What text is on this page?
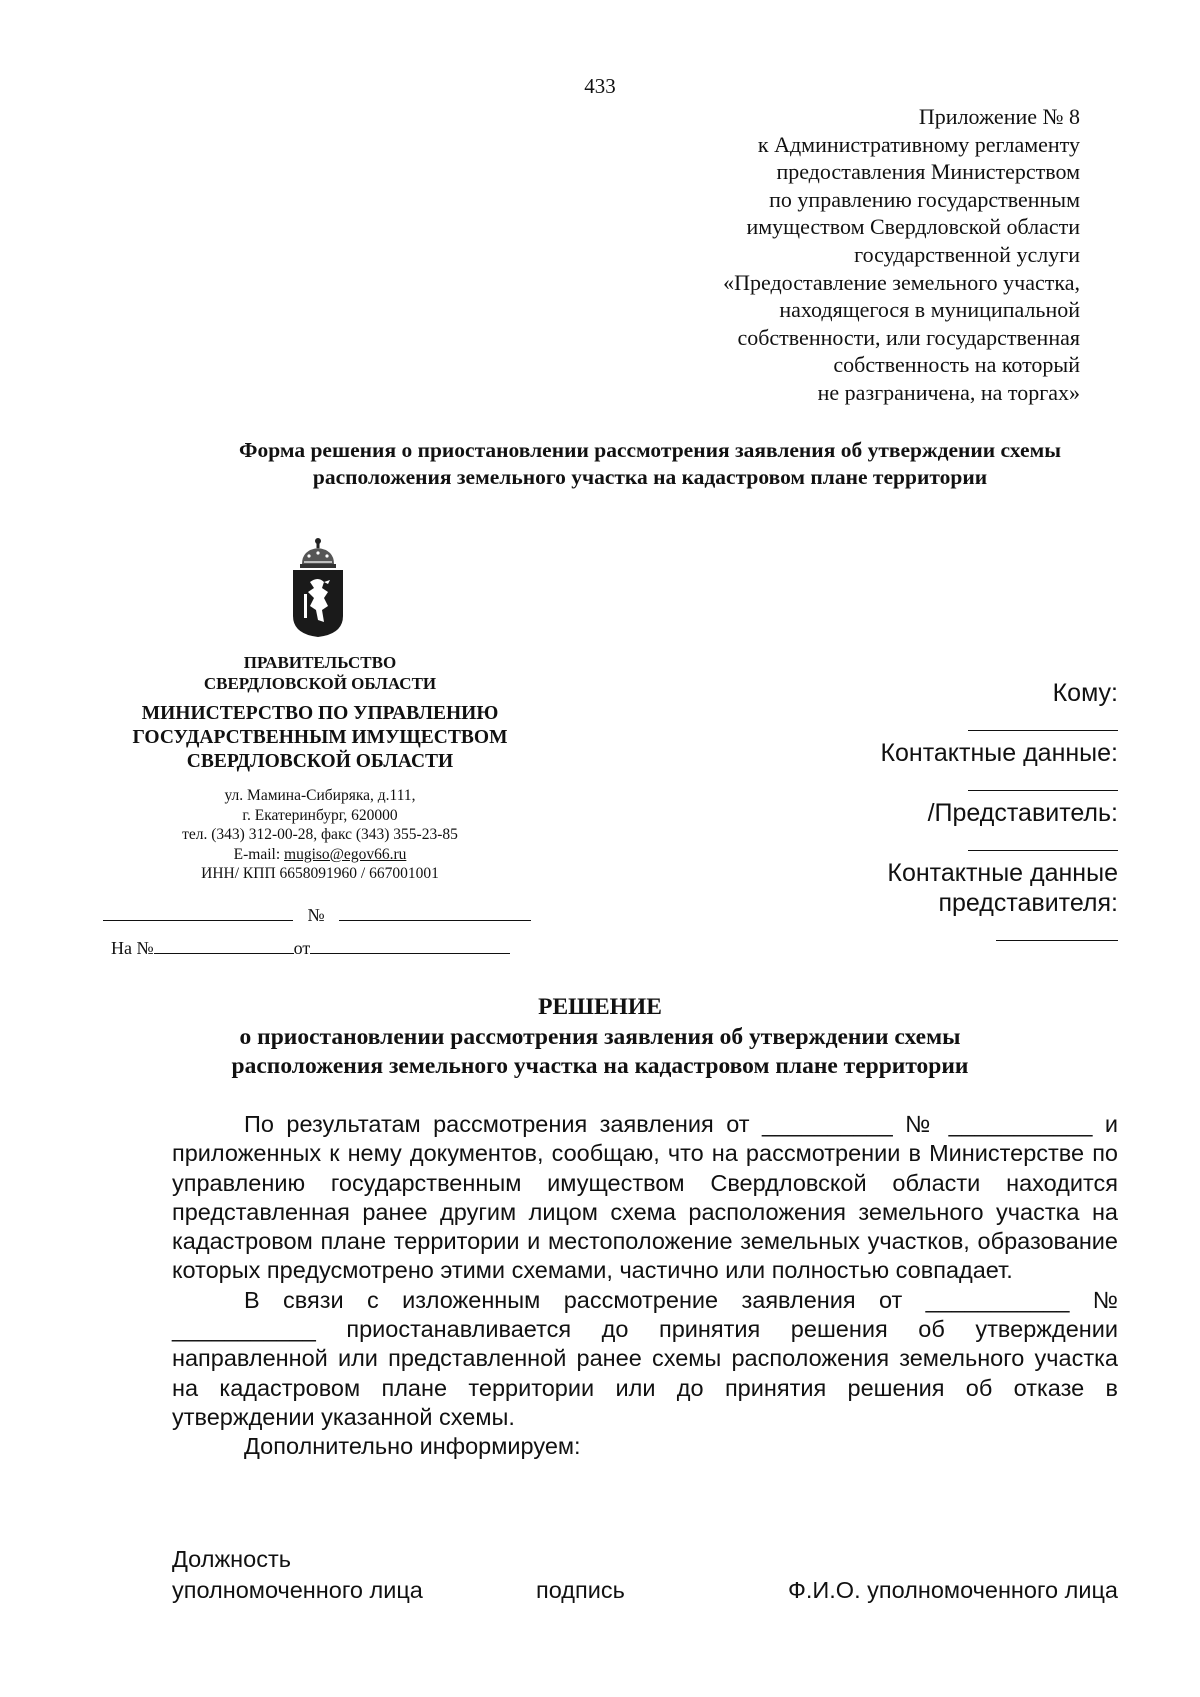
433
Приложение № 8
к Административному регламенту
предоставления Министерством
по управлению государственным
имуществом Свердловской области
государственной услуги
«Предоставление земельного участка,
находящегося в муниципальной
собственности, или государственная
собственность на который
не разграничена, на торгах»
Форма решения о приостановлении рассмотрения заявления об утверждении схемы
расположения земельного участка на кадастровом плане территории
ПРАВИТЕЛЬСТВО
СВЕРДЛОВСКОЙ ОБЛАСТИ
МИНИСТЕРСТВО ПО УПРАВЛЕНИЮ
ГОСУДАРСТВЕННЫМ ИМУЩЕСТВОМ
СВЕРДЛОВСКОЙ ОБЛАСТИ
ул. Мамина-Сибиряка, д.111,
г. Екатеринбург, 620000
тел. (343) 312-00-28, факс (343) 355-23-85
E-mail: mugiso@egov66.ru
ИНН/ КПП 6658091960 / 667001001
№
На №	от
Кому:
Контактные данные:
/Представитель:
Контактные данные
представителя:
РЕШЕНИЕ
о приостановлении рассмотрения заявления об утверждении схемы
расположения земельного участка на кадастровом плане территории

По результатам рассмотрения заявления от __________ № ___________ и приложенных к нему документов, сообщаю, что на рассмотрении в Министерстве по управлению государственным имуществом Свердловской области находится представленная ранее другим лицом схема расположения земельного участка на кадастровом плане территории и местоположение земельных участков, образование которых предусмотрено этими схемами, частично или полностью совпадает.

В связи с изложенным рассмотрение заявления от ___________ № ___________ приостанавливается до принятия решения об утверждении направленной или представленной ранее схемы расположения земельного участка на кадастровом плане территории или до принятия решения об отказе в утверждении указанной схемы.

Дополнительно информируем:

Должность
уполномоченного лица	подпись	Ф.И.О. уполномоченного лица
